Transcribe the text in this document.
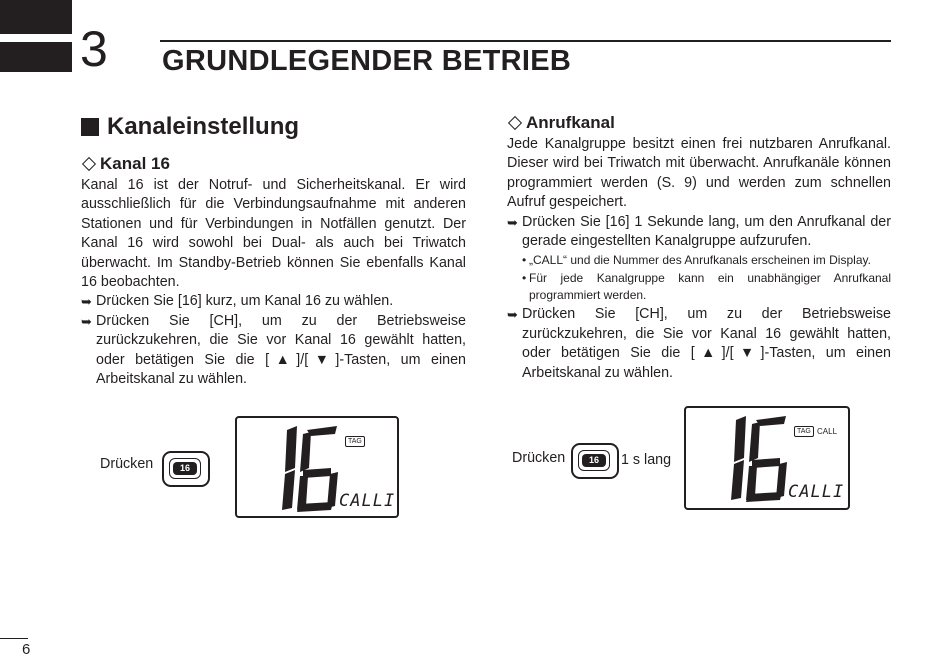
3 GRUNDLEGENDER BETRIEB
Kanaleinstellung
Kanal 16

Kanal 16 ist der Notruf- und Sicherheitskanal. Er wird ausschließlich für die Verbindungsaufnahme mit anderen Stationen und für Verbindungen in Notfällen genutzt. Der Kanal 16 wird sowohl bei Dual- als auch bei Triwatch überwacht. Im Standby-Betrieb können Sie ebenfalls Kanal 16 beobachten.

➥ Drücken Sie [16] kurz, um Kanal 16 zu wählen.

➥ Drücken Sie [CH], um zu der Betriebsweise zurückzukehren, die Sie vor Kanal 16 gewählt hatten, oder betätigen Sie die [▲]/[▼]-Tasten, um einen Arbeitskanal zu wählen.

Anrufkanal

Jede Kanalgruppe besitzt einen frei nutzbaren Anrufkanal. Dieser wird bei Triwatch mit überwacht. Anrufkanäle können programmiert werden (S. 9) und werden zum schnellen Aufruf gespeichert.

➥ Drücken Sie [16] 1 Sekunde lang, um den Anrufkanal der gerade eingestellten Kanalgruppe aufzurufen.

• „CALL“ und die Nummer des Anrufkanals erscheinen im Display.

• Für jede Kanalgruppe kann ein unabhängiger Anrufkanal programmiert werden.

➥ Drücken Sie [CH], um zu der Betriebsweise zurückzukehren, die Sie vor Kanal 16 gewählt hatten, oder betätigen Sie die [▲]/[▼]-Tasten, um einen Arbeitskanal zu wählen.

Drücken	16
TAG
CALLI
Drücken	16	1 s lang
TAG CALL
CALLI
6
